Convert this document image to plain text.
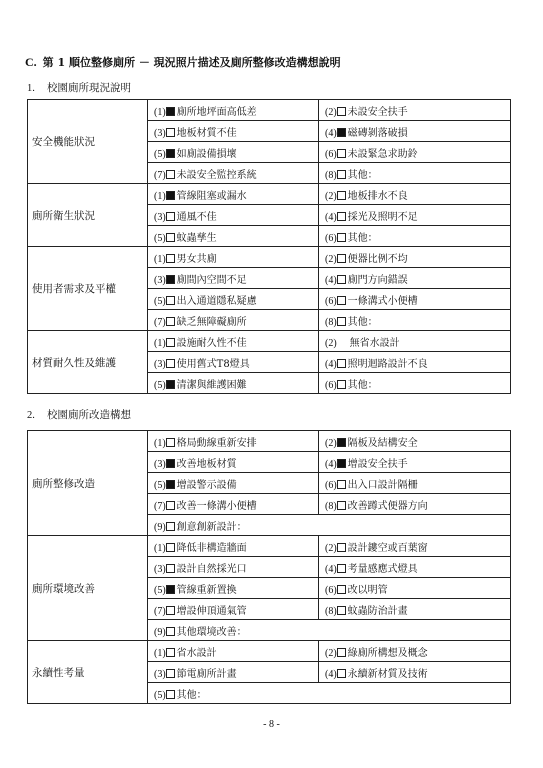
C. 第 1 順位整修廁所 － 現況照片描述及廁所整修改造構想說明
1. 校園廁所現況說明
安全機能狀況	(1) 廁所地坪面高低差	(2) 未設安全扶手
	(3) 地板材質不佳	(4) 磁磚剝落破損
	(5) 如廁設備損壞	(6) 未設緊急求助鈴
	(7) 未設安全監控系統	(8) 其他：
廁所衛生狀況	(1) 管線阻塞或漏水	(2) 地板排水不良
	(3) 通風不佳	(4) 採光及照明不足
	(5) 蚊蟲孳生	(6) 其他：
使用者需求及平權	(1) 男女共廁	(2) 便器比例不均
	(3) 廁間內空間不足	(4) 廁門方向錯誤
	(5) 出入通道隱私疑慮	(6) 一條溝式小便槽
	(7) 缺乏無障礙廁所	(8) 其他：
材質耐久性及維護	(1) 設施耐久性不佳	(2) 無省水設計
	(3) 使用舊式T8燈具	(4) 照明迴路設計不良
	(5) 清潔與維護困難	(6) 其他：
2. 校園廁所改造構想
廁所整修改造	(1) 格局動線重新安排	(2) 隔板及結構安全
	(3) 改善地板材質	(4) 增設安全扶手
	(5) 增設警示設備	(6) 出入口設計隔柵
	(7) 改善一條溝小便槽	(8) 改善蹲式便器方向
	(9) 創意創新設計：	
廁所環境改善	(1) 降低非構造牆面	(2) 設計鏤空或百葉窗
	(3) 設計自然採光口	(4) 考量感應式燈具
	(5) 管線重新置換	(6) 改以明管
	(7) 增設伸頂通氣管	(8) 蚊蟲防治計畫
	(9) 其他環境改善：	
永續性考量	(1) 省水設計	(2) 綠廁所構想及概念
	(3) 節電廁所計畫	(4) 永續新材質及技術
	(5) 其他：	
- 8 -
